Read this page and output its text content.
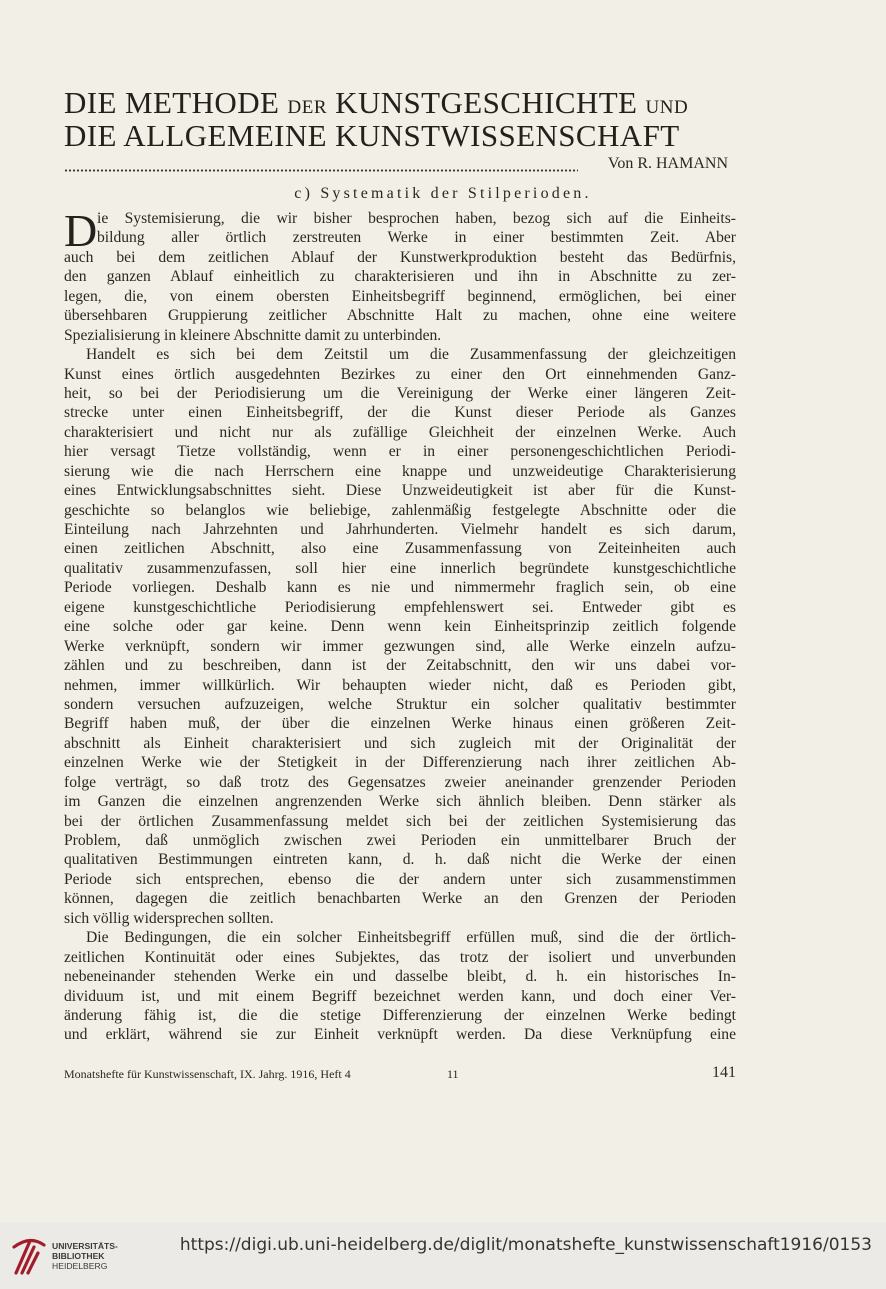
DIE METHODE DER KUNSTGESCHICHTE UND
DIE ALLGEMEINE KUNSTWISSENSCHAFT
Von R. HAMANN
c) Systematik der Stilperioden.
D ie Systemisierung, die wir bisher besprochen haben, bezog sich auf die Einheits-
bildung aller örtlich zerstreuten Werke in einer bestimmten Zeit. Aber
auch bei dem zeitlichen Ablauf der Kunstwerkproduktion besteht das Bedürfnis,
den ganzen Ablauf einheitlich zu charakterisieren und ihn in Abschnitte zu zer-
legen, die, von einem obersten Einheitsbegriff beginnend, ermöglichen, bei einer
übersehbaren Gruppierung zeitlicher Abschnitte Halt zu machen, ohne eine weitere
Spezialisierung in kleinere Abschnitte damit zu unterbinden.
Handelt es sich bei dem Zeitstil um die Zusammenfassung der gleichzeitigen
Kunst eines örtlich ausgedehnten Bezirkes zu einer den Ort einnehmenden Ganz-
heit, so bei der Periodisierung um die Vereinigung der Werke einer längeren Zeit-
strecke unter einen Einheitsbegriff, der die Kunst dieser Periode als Ganzes
charakterisiert und nicht nur als zufällige Gleichheit der einzelnen Werke. Auch
hier versagt Tietze vollständig, wenn er in einer personengeschichtlichen Periodi-
sierung wie die nach Herrschern eine knappe und unzweideutige Charakterisierung
eines Entwicklungsabschnittes sieht. Diese Unzweideutigkeit ist aber für die Kunst-
geschichte so belanglos wie beliebige, zahlenmäßig festgelegte Abschnitte oder die
Einteilung nach Jahrzehnten und Jahrhunderten. Vielmehr handelt es sich darum,
einen zeitlichen Abschnitt, also eine Zusammenfassung von Zeiteinheiten auch
qualitativ zusammenzufassen, soll hier eine innerlich begründete kunstgeschichtliche
Periode vorliegen. Deshalb kann es nie und nimmermehr fraglich sein, ob eine
eigene kunstgeschichtliche Periodisierung empfehlenswert sei. Entweder gibt es
eine solche oder gar keine. Denn wenn kein Einheitsprinzip zeitlich folgende
Werke verknüpft, sondern wir immer gezwungen sind, alle Werke einzeln aufzu-
zählen und zu beschreiben, dann ist der Zeitabschnitt, den wir uns dabei vor-
nehmen, immer willkürlich. Wir behaupten wieder nicht, daß es Perioden gibt,
sondern versuchen aufzuzeigen, welche Struktur ein solcher qualitativ bestimmter
Begriff haben muß, der über die einzelnen Werke hinaus einen größeren Zeit-
abschnitt als Einheit charakterisiert und sich zugleich mit der Originalität der
einzelnen Werke wie der Stetigkeit in der Differenzierung nach ihrer zeitlichen Ab-
folge verträgt, so daß trotz des Gegensatzes zweier aneinander grenzender Perioden
im Ganzen die einzelnen angrenzenden Werke sich ähnlich bleiben. Denn stärker als
bei der örtlichen Zusammenfassung meldet sich bei der zeitlichen Systemisierung das
Problem, daß unmöglich zwischen zwei Perioden ein unmittelbarer Bruch der
qualitativen Bestimmungen eintreten kann, d. h. daß nicht die Werke der einen
Periode sich entsprechen, ebenso die der andern unter sich zusammenstimmen
können, dagegen die zeitlich benachbarten Werke an den Grenzen der Perioden
sich völlig widersprechen sollten.
Die Bedingungen, die ein solcher Einheitsbegriff erfüllen muß, sind die der örtlich-
zeitlichen Kontinuität oder eines Subjektes, das trotz der isoliert und unverbunden
nebeneinander stehenden Werke ein und dasselbe bleibt, d. h. ein historisches In-
dividuum ist, und mit einem Begriff bezeichnet werden kann, und doch einer Ver-
änderung fähig ist, die die stetige Differenzierung der einzelnen Werke bedingt
und erklärt, während sie zur Einheit verknüpft werden. Da diese Verknüpfung eine
Monatshefte für Kunstwissenschaft, IX. Jahrg. 1916, Heft 4	11	141
UNIVERSITÄTS-
BIBLIOTHEK
HEIDELBERG
https://digi.ub.uni-heidelberg.de/diglit/monatshefte_kunstwissenschaft1916/0153
